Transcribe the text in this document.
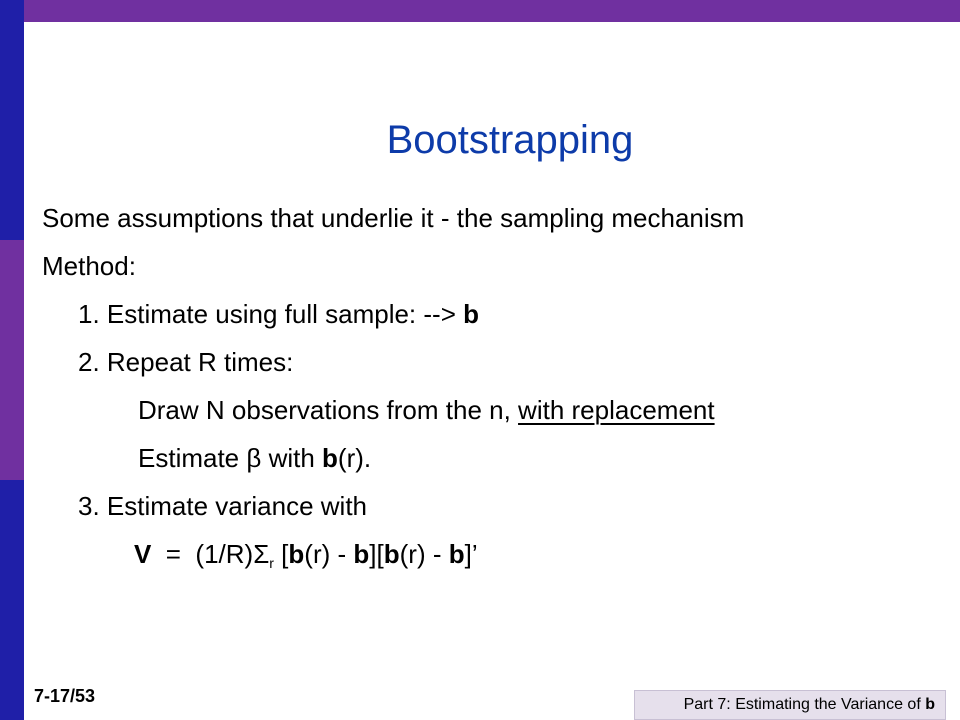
Bootstrapping
Some assumptions that underlie it - the sampling mechanism
Method:
1. Estimate using full sample: --> b
2. Repeat R times:
Draw N observations from the n, with replacement
Estimate β with b(r).
3. Estimate variance with
$V = (1/R)\Sigma_r$ [b(r) - b][b(r) - b]’
7-17/53	Part 7: Estimating the Variance of b
